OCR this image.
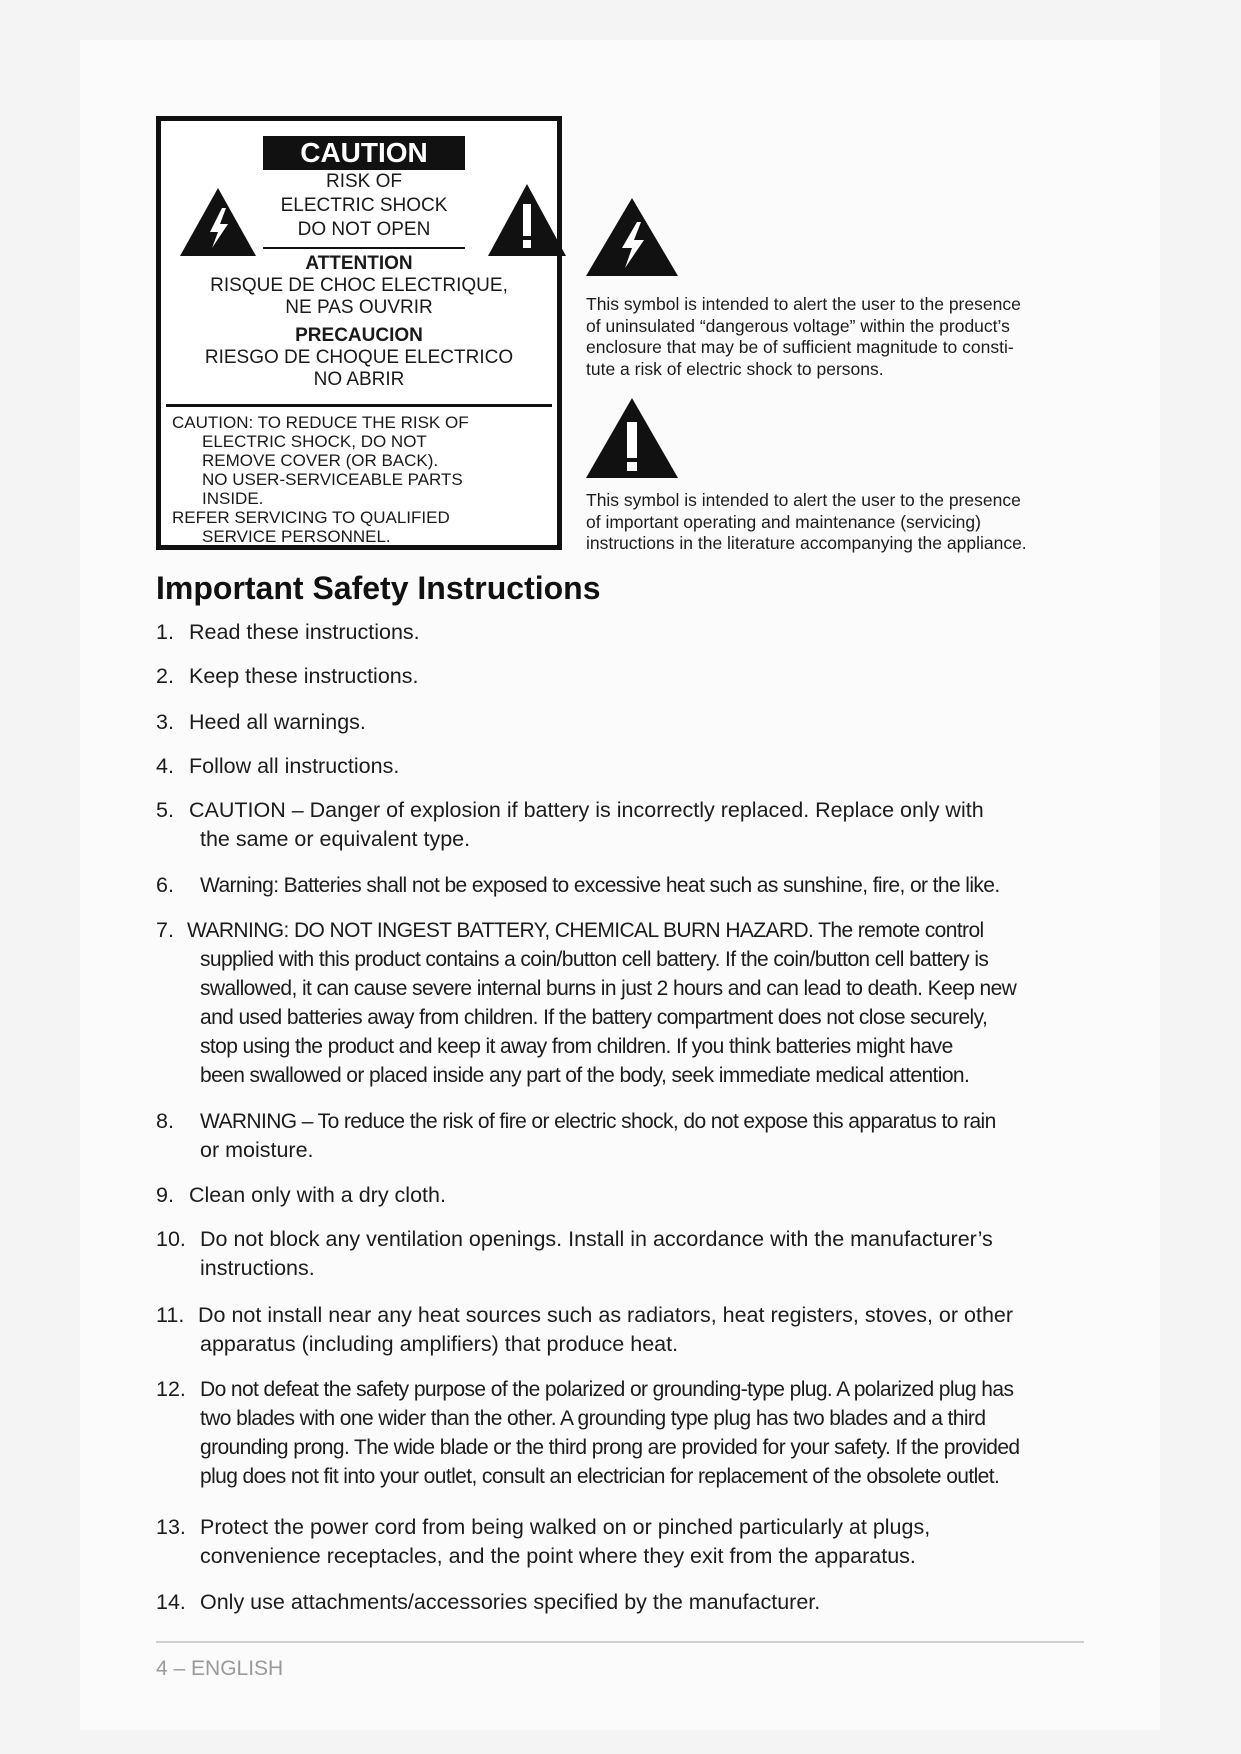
CAUTION
RISK OF
ELECTRIC SHOCK
DO NOT OPEN
ATTENTION
RISQUE DE CHOC ELECTRIQUE,
NE PAS OUVRIR
PRECAUCION
RIESGO DE CHOQUE ELECTRICO
NO ABRIR
CAUTION: TO REDUCE THE RISK OF
ELECTRIC SHOCK, DO NOT
REMOVE COVER (OR BACK).
NO USER-SERVICEABLE PARTS
INSIDE.
REFER SERVICING TO QUALIFIED
SERVICE PERSONNEL.
This symbol is intended to alert the user to the presence
of uninsulated “dangerous voltage” within the product’s
enclosure that may be of sufficient magnitude to consti-
tute a risk of electric shock to persons.
This symbol is intended to alert the user to the presence
of important operating and maintenance (servicing)
instructions in the literature accompanying the appliance.
Important Safety Instructions
1. Read these instructions.
2. Keep these instructions.
3. Heed all warnings.
4. Follow all instructions.
5. CAUTION – Danger of explosion if battery is incorrectly replaced. Replace only with
the same or equivalent type.
6.	Warning: Batteries shall not be exposed to excessive heat such as sunshine, fire, or the like.
7. WARNING: DO NOT INGEST BATTERY, CHEMICAL BURN HAZARD. The remote control
supplied with this product contains a coin/button cell battery. If the coin/button cell battery is
swallowed, it can cause severe internal burns in just 2 hours and can lead to death. Keep new
and used batteries away from children. If the battery compartment does not close securely,
stop using the product and keep it away from children. If you think batteries might have
been swallowed or placed inside any part of the body, seek immediate medical attention.
8.	WARNING – To reduce the risk of fire or electric shock, do not expose this apparatus to rain
or moisture.
9. Clean only with a dry cloth.
10. Do not block any ventilation openings. Install in accordance with the manufacturer’s
instructions.
11. Do not install near any heat sources such as radiators, heat registers, stoves, or other
apparatus (including amplifiers) that produce heat.
12. Do not defeat the safety purpose of the polarized or grounding-type plug. A polarized plug has
two blades with one wider than the other. A grounding type plug has two blades and a third
grounding prong. The wide blade or the third prong are provided for your safety. If the provided
plug does not fit into your outlet, consult an electrician for replacement of the obsolete outlet.
13. Protect the power cord from being walked on or pinched particularly at plugs,
convenience receptacles, and the point where they exit from the apparatus.
14. Only use attachments/accessories specified by the manufacturer.
4 – ENGLISH
